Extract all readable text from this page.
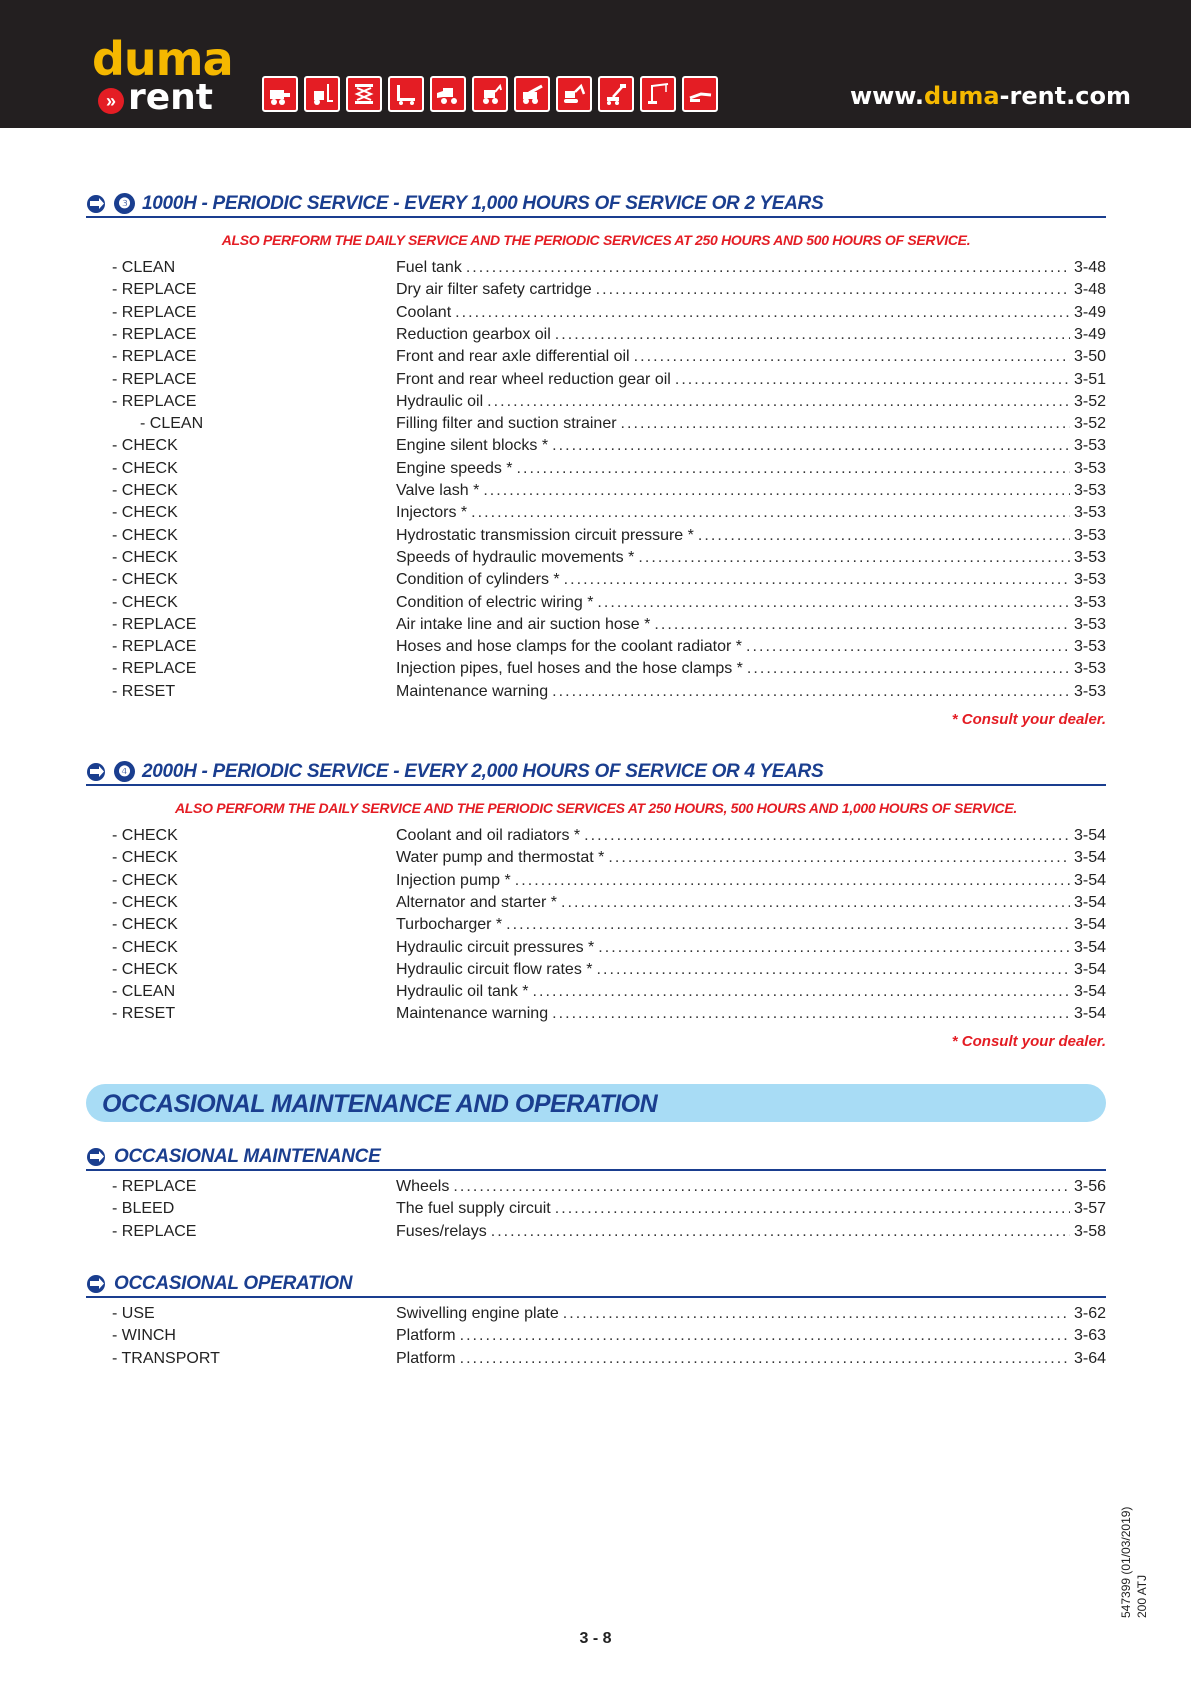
duma
» rent	www.duma-rent.com
❸ 1000H - PERIODIC SERVICE - EVERY 1,000 HOURS OF SERVICE OR 2 YEARS
ALSO PERFORM THE DAILY SERVICE AND THE PERIODIC SERVICES AT 250 HOURS AND 500 HOURS OF SERVICE.
- CLEAN	Fuel tank . . .	3-48
- REPLACE	Dry air filter safety cartridge . . .	3-48
- REPLACE	Coolant . . .	3-49
- REPLACE	Reduction gearbox oil . . .	3-49
- REPLACE	Front and rear axle differential oil . . .	3-50
- REPLACE	Front and rear wheel reduction gear oil . . .	3-51
- REPLACE	Hydraulic oil . . .	3-52
- CLEAN	Filling filter and suction strainer . . .	3-52
- CHECK	Engine silent blocks * . . .	3-53
- CHECK	Engine speeds * . . .	3-53
- CHECK	Valve lash * . . .	3-53
- CHECK	Injectors * . . .	3-53
- CHECK	Hydrostatic transmission circuit pressure * . . .	3-53
- CHECK	Speeds of hydraulic movements * . . .	3-53
- CHECK	Condition of cylinders * . . .	3-53
- CHECK	Condition of electric wiring * . . .	3-53
- REPLACE	Air intake line and air suction hose * . . .	3-53
- REPLACE	Hoses and hose clamps for the coolant radiator * . . .	3-53
- REPLACE	Injection pipes, fuel hoses and the hose clamps * . . .	3-53
- RESET	Maintenance warning . . .	3-53
* Consult your dealer.
❹ 2000H - PERIODIC SERVICE - EVERY 2,000 HOURS OF SERVICE OR 4 YEARS
ALSO PERFORM THE DAILY SERVICE AND THE PERIODIC SERVICES AT 250 HOURS, 500 HOURS AND 1,000 HOURS OF SERVICE.
- CHECK	Coolant and oil radiators * . . .	3-54
- CHECK	Water pump and thermostat * . . .	3-54
- CHECK	Injection pump * . . .	3-54
- CHECK	Alternator and starter * . . .	3-54
- CHECK	Turbocharger * . . .	3-54
- CHECK	Hydraulic circuit pressures * . . .	3-54
- CHECK	Hydraulic circuit flow rates * . . .	3-54
- CLEAN	Hydraulic oil tank * . . .	3-54
- RESET	Maintenance warning . . .	3-54
* Consult your dealer.
OCCASIONAL MAINTENANCE AND OPERATION
OCCASIONAL MAINTENANCE
- REPLACE	Wheels . . .	3-56
- BLEED	The fuel supply circuit . . .	3-57
- REPLACE	Fuses/relays . . .	3-58
OCCASIONAL OPERATION
- USE	Swivelling engine plate . . .	3-62
- WINCH	Platform . . .	3-63
- TRANSPORT	Platform . . .	3-64
3 - 8
547399 (01/03/2019) 200 ATJ
